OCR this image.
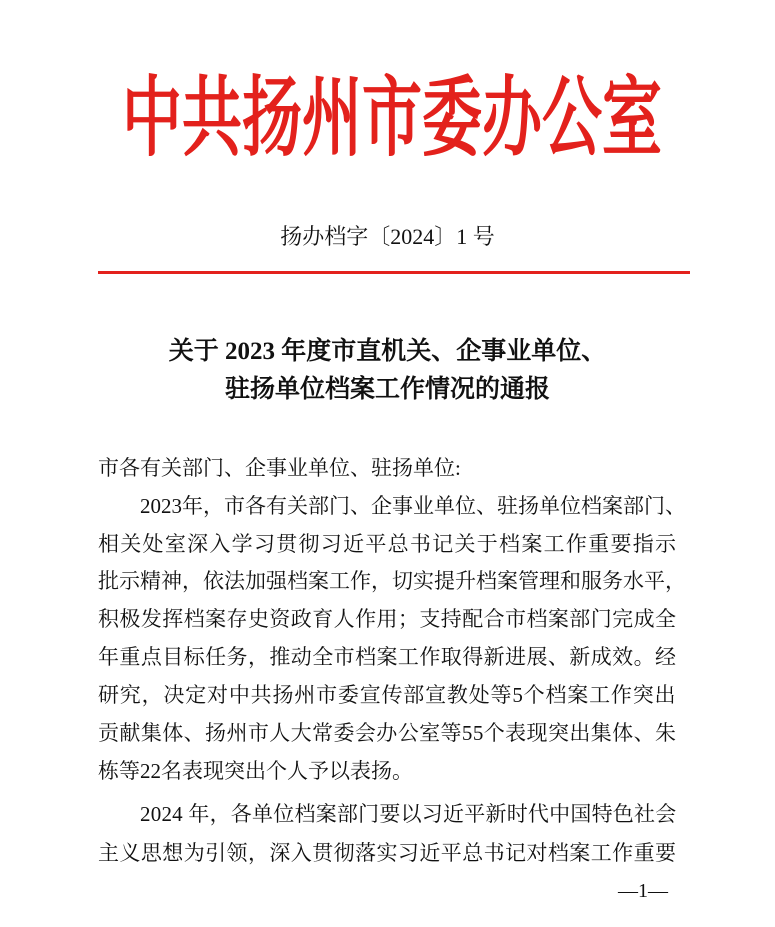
中共扬州市委办公室
扬办档字〔2024〕1 号
关于 2023 年度市直机关、企事业单位、
驻扬单位档案工作情况的通报
市各有关部门、企事业单位、驻扬单位:
2023年，市各有关部门、企事业单位、驻扬单位档案部门、
相关处室深入学习贯彻习近平总书记关于档案工作重要指示
批示精神，依法加强档案工作，切实提升档案管理和服务水平，
积极发挥档案存史资政育人作用；支持配合市档案部门完成全
年重点目标任务，推动全市档案工作取得新进展、新成效。经
研究，决定对中共扬州市委宣传部宣教处等5个档案工作突出
贡献集体、扬州市人大常委会办公室等55个表现突出集体、朱
栋等22名表现突出个人予以表扬。
2024 年，各单位档案部门要以习近平新时代中国特色社会
主义思想为引领，深入贯彻落实习近平总书记对档案工作重要
—1—
